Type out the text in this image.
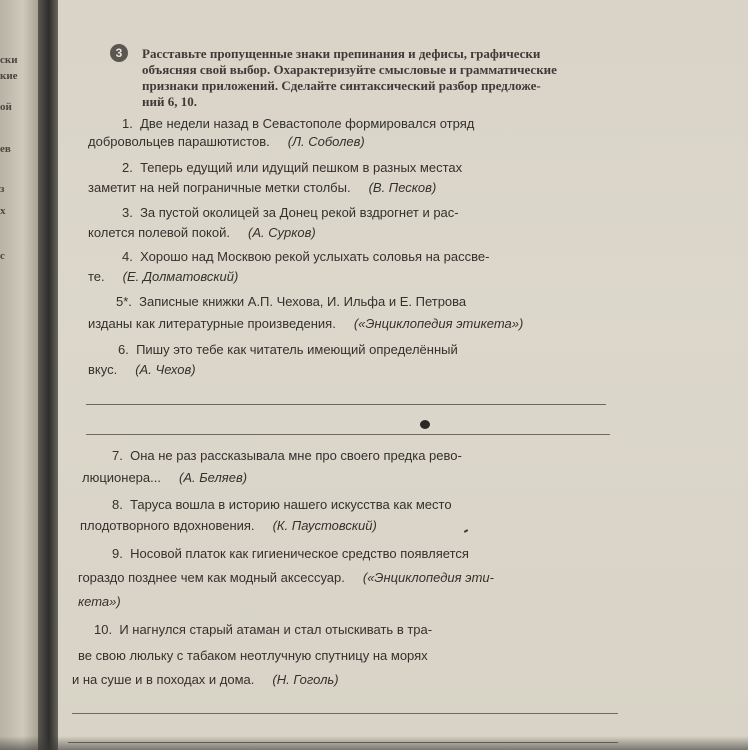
ски
кие
ой
ев
з
х
с
3	Расставьте пропущенные знаки препинания и дефисы, графически
объясняя свой выбор. Охарактеризуйте смысловые и грамматические
признаки приложений. Сделайте синтаксический разбор предложе-
ний 6, 10.
1.
Две недели назад в Севастополе формировался отряд
добровольцев парашютистов. (Л. Соболев)
2.
Теперь едущий или идущий пешком в разных местах
заметит на ней пограничные метки столбы. (В. Песков)
3.
За пустой околицей за Донец рекой вздрогнет и рас-
колется полевой покой. (А. Сурков)
4.
Хорошо над Москвою рекой услыхать соловья на рассве-
те. (Е. Долматовский)
5*.
Записные книжки А.П. Чехова, И. Ильфа и Е. Петрова
изданы как литературные произведения. («Энциклопедия этикета»)
6.
Пишу это тебе как читатель имеющий определённый
вкус. (А. Чехов)
7.
Она не раз рассказывала мне про своего предка рево-
люционера... (А. Беляев)
8.
Таруса вошла в историю нашего искусства как место
плодотворного вдохновения. (К. Паустовский)
9.
Носовой платок как гигиеническое средство появляется
гораздо позднее чем как модный аксессуар. («Энциклопедия эти-
кета»)
10.
И нагнулся старый атаман и стал отыскивать в тра-
ве свою люльку с табаком неотлучную спутницу на морях
и на суше и в походах и дома. (Н. Гоголь)
